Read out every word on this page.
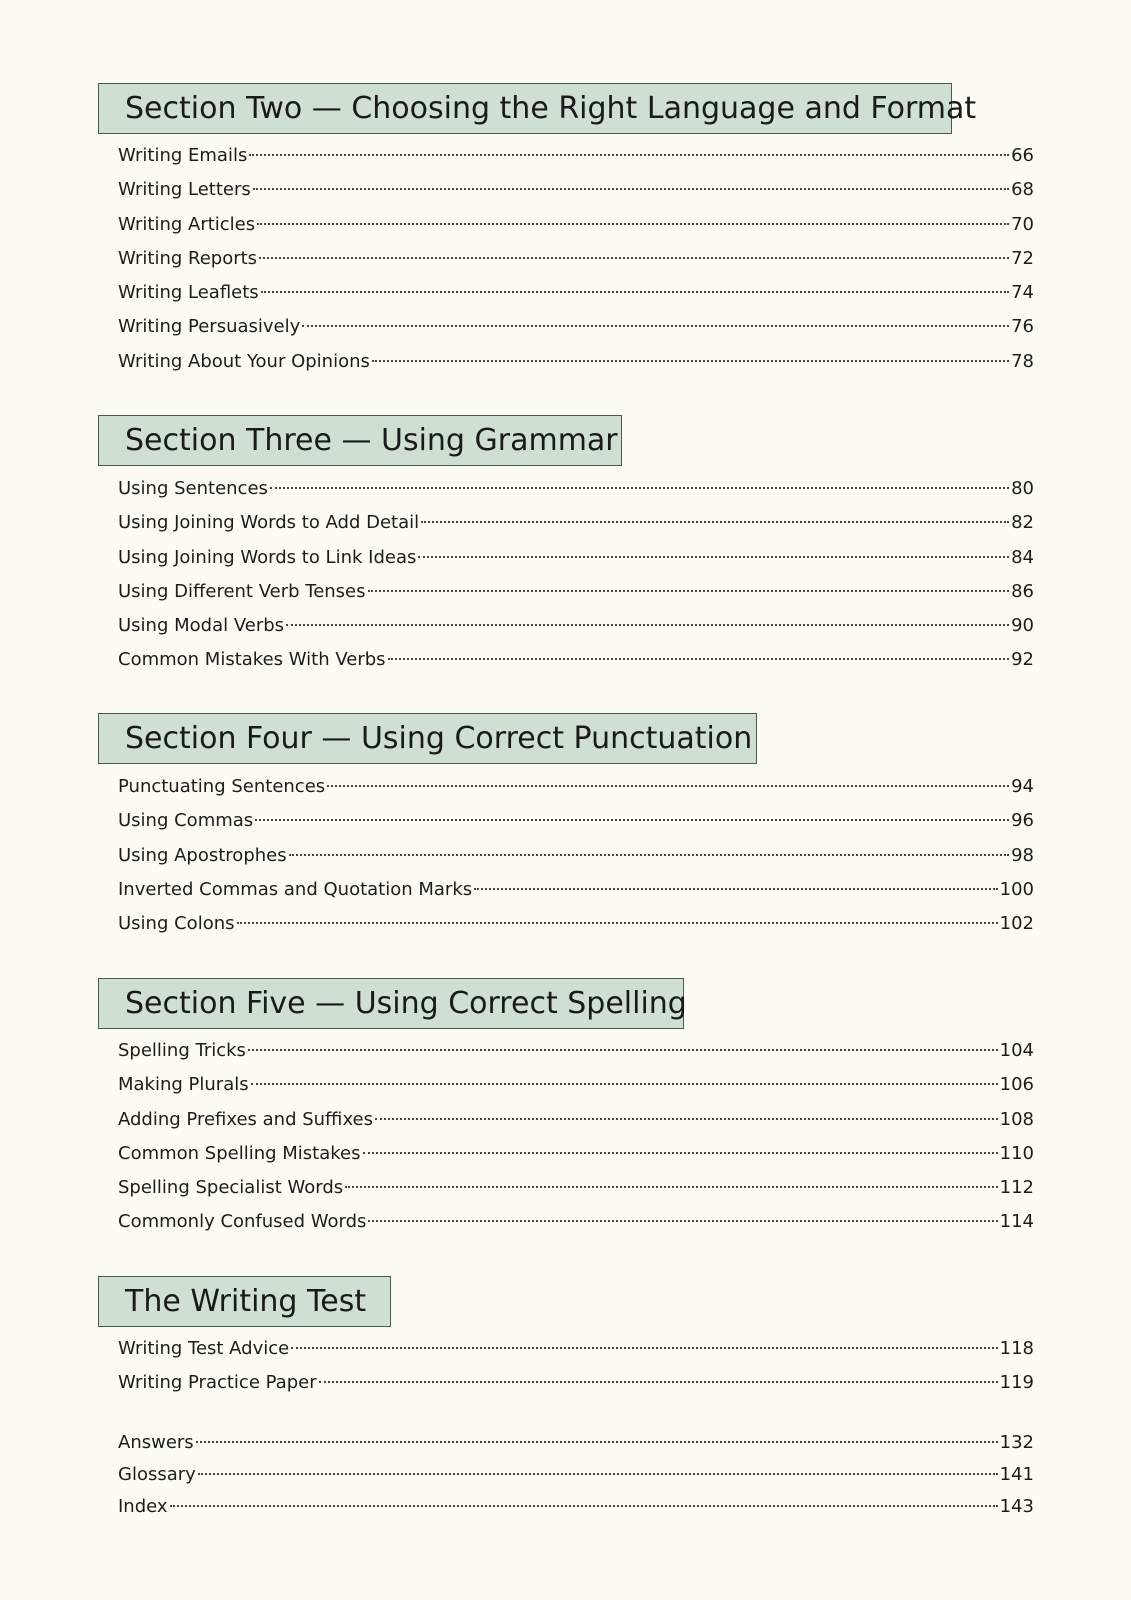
Section Two — Choosing the Right Language and Format
Writing Emails	66
Writing Letters	68
Writing Articles	70
Writing Reports	72
Writing Leaflets	74
Writing Persuasively	76
Writing About Your Opinions	78
Section Three — Using Grammar
Using Sentences	80
Using Joining Words to Add Detail	82
Using Joining Words to Link Ideas	84
Using Different Verb Tenses	86
Using Modal Verbs	90
Common Mistakes With Verbs	92
Section Four — Using Correct Punctuation
Punctuating Sentences	94
Using Commas	96
Using Apostrophes	98
Inverted Commas and Quotation Marks	100
Using Colons	102
Section Five — Using Correct Spelling
Spelling Tricks	104
Making Plurals	106
Adding Prefixes and Suffixes	108
Common Spelling Mistakes	110
Spelling Specialist Words	112
Commonly Confused Words	114
The Writing Test
Writing Test Advice	118
Writing Practice Paper	119
Answers	132
Glossary	141
Index	143
